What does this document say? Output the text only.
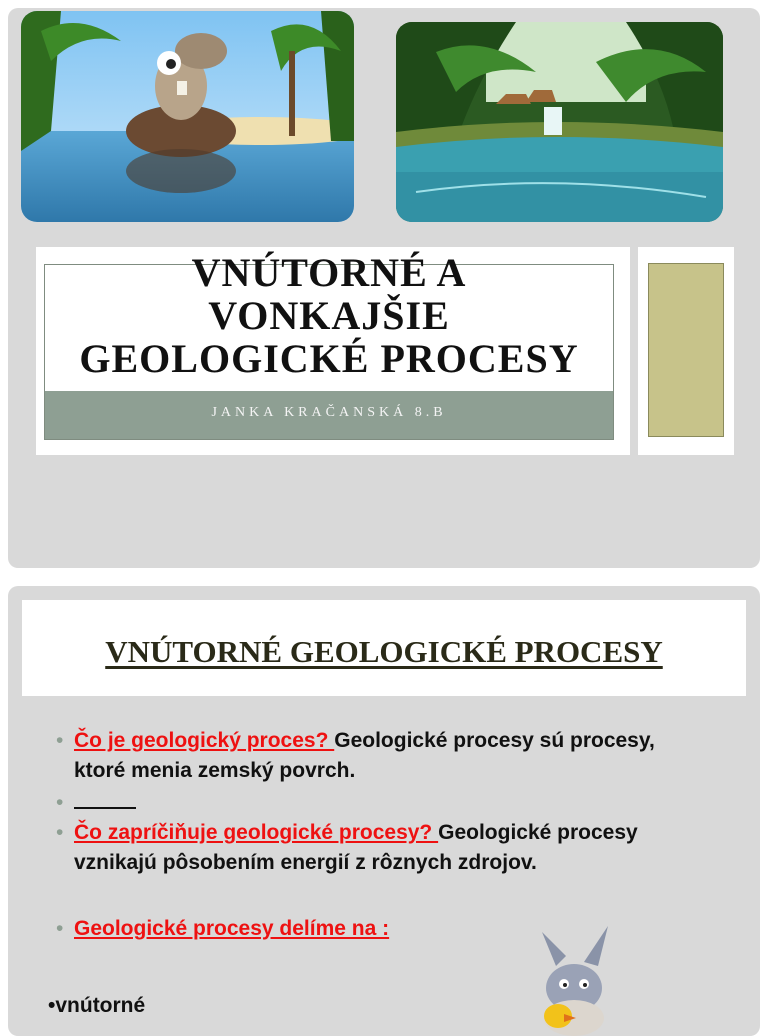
VNÚTORNÉ A
VONKAJŠIE
GEOLOGICKÉ PROCESY
JANKA KRAČANSKÁ 8.B
VNÚTORNÉ GEOLOGICKÉ PROCESY
• Čo je geologický proces? Geologické procesy sú procesy, ktoré menia zemský povrch.
•
• Čo zapríčiňuje geologické procesy? Geologické procesy vznikajú pôsobením energií z rôznych zdrojov.
• Geologické procesy delíme na :
•vnútorné
